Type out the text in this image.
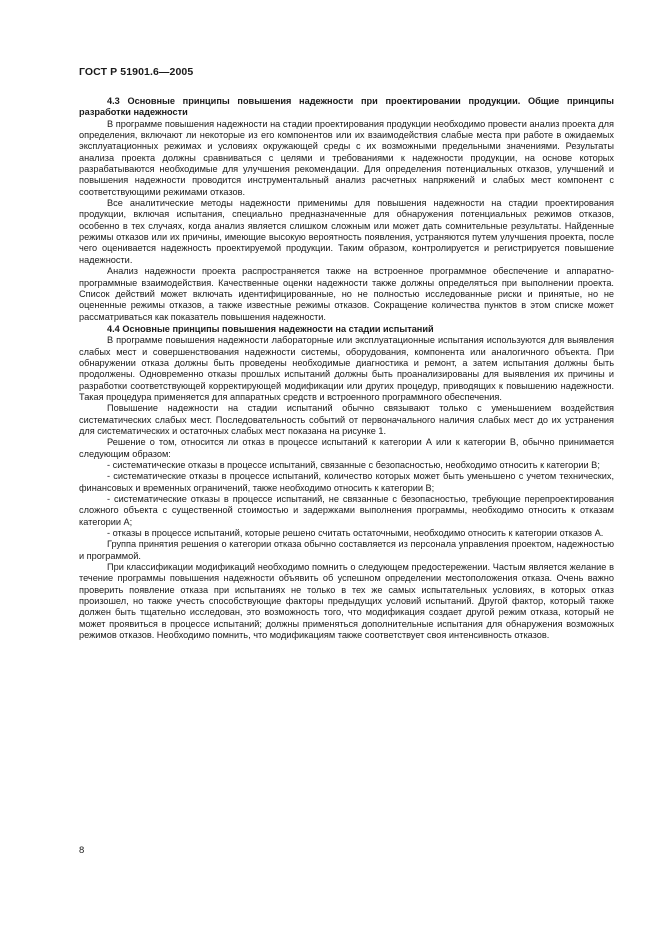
ГОСТ Р 51901.6—2005

4.3 Основные принципы повышения надежности при проектировании продукции. Общие принципы разработки надежности

В программе повышения надежности на стадии проектирования продукции необходимо провести анализ проекта для определения, включают ли некоторые из его компонентов или их взаимодействия слабые места при работе в ожидаемых эксплуатационных режимах и условиях окружающей среды с их возможными предельными значениями. Результаты анализа проекта должны сравниваться с целями и требованиями к надежности продукции, на основе которых разрабатываются необходимые для улучшения рекомендации. Для определения потенциальных отказов, улучшений и повышения надежности проводится инструментальный анализ расчетных напряжений и слабых мест компонент с соответствующими режимами отказов.

Все аналитические методы надежности применимы для повышения надежности на стадии проектирования продукции, включая испытания, специально предназначенные для обнаружения потенциальных режимов отказов, особенно в тех случаях, когда анализ является слишком сложным или может дать сомнительные результаты. Найденные режимы отказов или их причины, имеющие высокую вероятность появления, устраняются путем улучшения проекта, после чего оценивается надежность проектируемой продукции. Таким образом, контролируется и регистрируется повышение надежности.

Анализ надежности проекта распространяется также на встроенное программное обеспечение и аппаратно-программные взаимодействия. Качественные оценки надежности также должны определяться при выполнении проекта. Список действий может включать идентифицированные, но не полностью исследованные риски и принятые, но не оцененные режимы отказов, а также известные режимы отказов. Сокращение количества пунктов в этом списке может рассматриваться как показатель повышения надежности.

4.4 Основные принципы повышения надежности на стадии испытаний

В программе повышения надежности лабораторные или эксплуатационные испытания используются для выявления слабых мест и совершенствования надежности системы, оборудования, компонента или аналогичного объекта. При обнаружении отказа должны быть проведены необходимые диагностика и ремонт, а затем испытания должны быть продолжены. Одновременно отказы прошлых испытаний должны быть проанализированы для выявления их причины и разработки соответствующей корректирующей модификации или других процедур, приводящих к повышению надежности. Такая процедура применяется для аппаратных средств и встроенного программного обеспечения.

Повышение надежности на стадии испытаний обычно связывают только с уменьшением воздействия систематических слабых мест. Последовательность событий от первоначального наличия слабых мест до их устранения для систематических и остаточных слабых мест показана на рисунке 1.

Решение о том, относится ли отказ в процессе испытаний к категории А или к категории В, обычно принимается следующим образом:

- систематические отказы в процессе испытаний, связанные с безопасностью, необходимо относить к категории В;

- систематические отказы в процессе испытаний, количество которых может быть уменьшено с учетом технических, финансовых и временных ограничений, также необходимо относить к категории В;

- систематические отказы в процессе испытаний, не связанные с безопасностью, требующие перепроектирования сложного объекта с существенной стоимостью и задержками выполнения программы, необходимо относить к отказам категории А;

- отказы в процессе испытаний, которые решено считать остаточными, необходимо относить к категории отказов А.

Группа принятия решения о категории отказа обычно составляется из персонала управления проектом, надежностью и программой.

При классификации модификаций необходимо помнить о следующем предостережении. Частым является желание в течение программы повышения надежности объявить об успешном определении местоположения отказа. Очень важно проверить появление отказа при испытаниях не только в тех же самых испытательных условиях, в которых отказ произошел, но также учесть способствующие факторы предыдущих условий испытаний. Другой фактор, который также должен быть тщательно исследован, это возможность того, что модификация создает другой режим отказа, который не может проявиться в процессе испытаний; должны применяться дополнительные испытания для обнаружения возможных режимов отказов. Необходимо помнить, что модификациям также соответствует своя интенсивность отказов.

8
